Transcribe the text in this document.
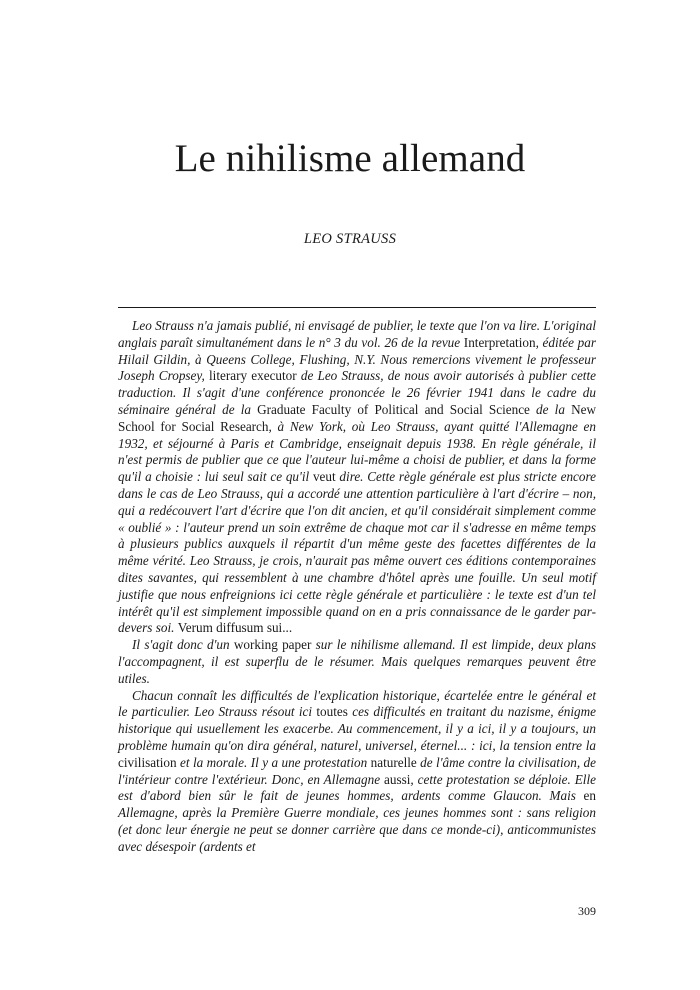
Le nihilisme allemand
LEO STRAUSS

Leo Strauss n'a jamais publié, ni envisagé de publier, le texte que l'on va lire. L'original anglais paraît simultanément dans le n° 3 du vol. 26 de la revue Interpretation, éditée par Hilail Gildin, à Queens College, Flushing, N.Y. Nous remercions vivement le professeur Joseph Cropsey, literary executor de Leo Strauss, de nous avoir autorisés à publier cette traduction. Il s'agit d'une conférence prononcée le 26 février 1941 dans le cadre du séminaire général de la Graduate Faculty of Political and Social Science de la New School for Social Research, à New York, où Leo Strauss, ayant quitté l'Allemagne en 1932, et séjourné à Paris et Cambridge, enseignait depuis 1938. En règle générale, il n'est permis de publier que ce que l'auteur lui-même a choisi de publier, et dans la forme qu'il a choisie : lui seul sait ce qu'il veut dire. Cette règle générale est plus stricte encore dans le cas de Leo Strauss, qui a accordé une attention particulière à l'art d'écrire – non, qui a redécouvert l'art d'écrire que l'on dit ancien, et qu'il considérait simplement comme « oublié » : l'auteur prend un soin extrême de chaque mot car il s'adresse en même temps à plusieurs publics auxquels il répartit d'un même geste des facettes différentes de la même vérité. Leo Strauss, je crois, n'aurait pas même ouvert ces éditions contemporaines dites savantes, qui ressemblent à une chambre d'hôtel après une fouille. Un seul motif justifie que nous enfreignions ici cette règle générale et particulière : le texte est d'un tel intérêt qu'il est simplement impossible quand on en a pris connaissance de le garder par-devers soi. Verum diffusum sui...

Il s'agit donc d'un working paper sur le nihilisme allemand. Il est limpide, deux plans l'accompagnent, il est superflu de le résumer. Mais quelques remarques peuvent être utiles.

Chacun connaît les difficultés de l'explication historique, écartelée entre le général et le particulier. Leo Strauss résout ici toutes ces difficultés en traitant du nazisme, énigme historique qui usuellement les exacerbe. Au commencement, il y a ici, il y a toujours, un problème humain qu'on dira général, naturel, universel, éternel... : ici, la tension entre la civilisation et la morale. Il y a une protestation naturelle de l'âme contre la civilisation, de l'intérieur contre l'extérieur. Donc, en Allemagne aussi, cette protestation se déploie. Elle est d'abord bien sûr le fait de jeunes hommes, ardents comme Glaucon. Mais en Allemagne, après la Première Guerre mondiale, ces jeunes hommes sont : sans religion (et donc leur énergie ne peut se donner carrière que dans ce monde-ci), anticommunistes avec désespoir (ardents et

309
